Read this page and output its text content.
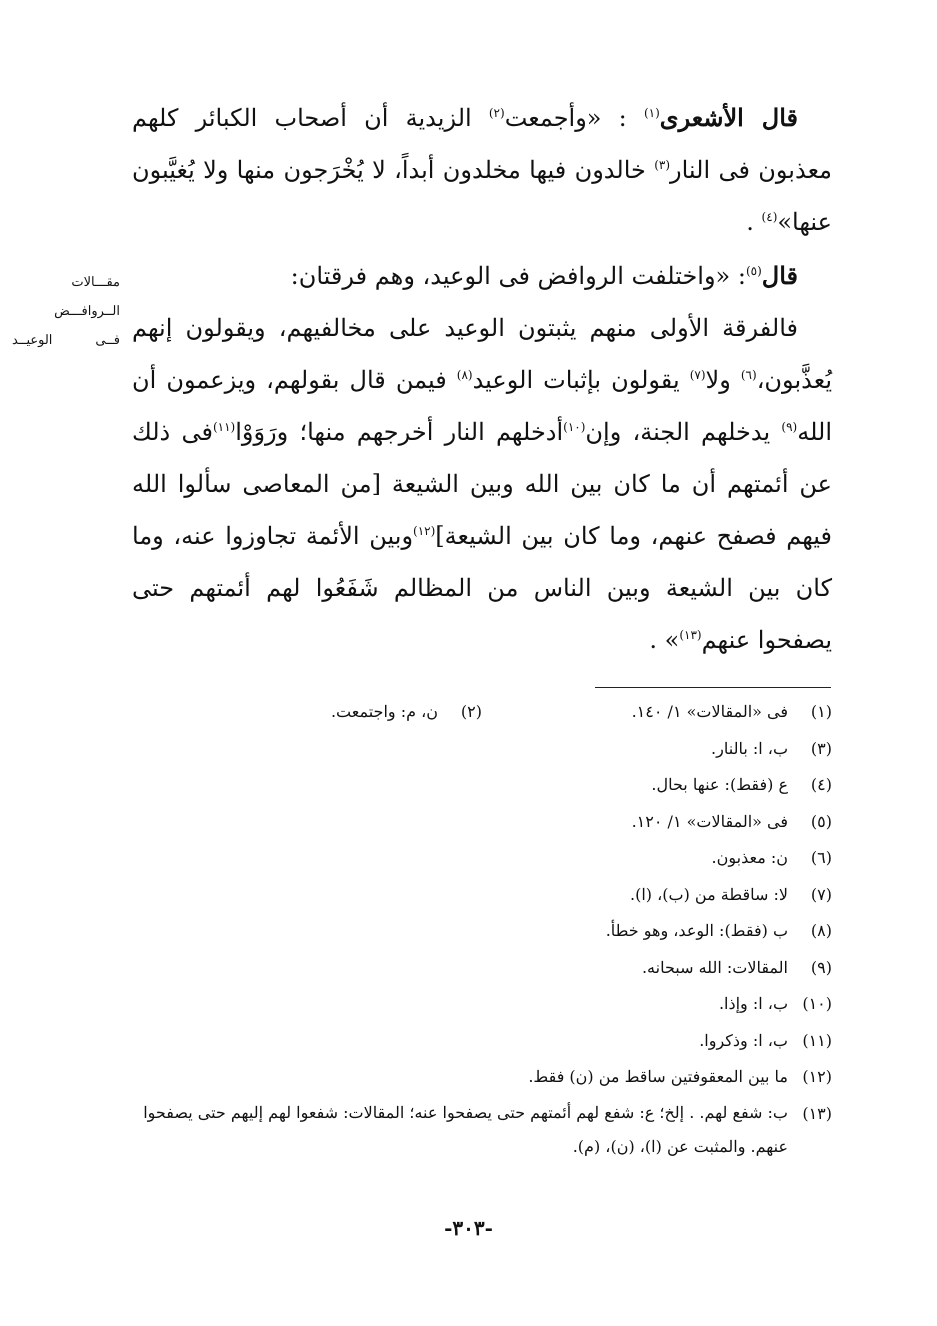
قال الأشعرى$^{(١)}$ : «وأجمعت$^{(٢)}$ الزيدية أن أصحاب الكبائر كلهم معذبون فى النار$^{(٣)}$ خالدون فيها مخلدون أبداً، لا يُخْرَجون منها ولا يُغيَّبون عنها»$^{(٤)}$ .

قال$^{(٥)}$: «واختلفت الروافض فى الوعيد، وهم فرقتان:

فالفرقة الأولى منهم يثبتون الوعيد على مخالفيهم، ويقولون إنهم يُعذَّبون،$^{(٦)}$ ولا$^{(٧)}$ يقولون بإثبات الوعيد$^{(٨)}$ فيمن قال بقولهم، ويزعمون أن الله$^{(٩)}$ يدخلهم الجنة، وإن$^{(١٠)}$أدخلهم النار أخرجهم منها؛ ورَوَوْا$^{(١١)}$فى ذلك عن أئمتهم أن ما كان بين الله وبين الشيعة [من المعاصى سألوا الله فيهم فصفح عنهم، وما كان بين الشيعة]$^{(١٢)}$وبين الأئمة تجاوزوا عنه، وما كان بين الشيعة وبين الناس من المظالم شَفَعُوا لهم أئمتهم حتى يصفحوا عنهم$^{(١٣)}$» .

مقـــالات
الــروافـــض
فــى الوعيــد
(٢)
ن، م: واجتمعت.	(١)
فى «المقالات» ١/ ١٤٠.
(٣)
ب، ا: بالنار.
(٤)
ع (فقط): عنها بحال.
(٥)
فى «المقالات» ١/ ١٢٠.
(٦)
ن: معذبون.
(٧)
لا: ساقطة من (ب)، (ا).
(٨)
ب (فقط): الوعد، وهو خطأ.
(٩)
المقالات: الله سبحانه.
(١٠)
ب، ا: وإذا.
(١١)
ب، ا: وذكروا.
(١٢)
ما بين المعقوفتين ساقط من (ن) فقط.
(١٣)
ب: شفع لهم. . إلخ؛ ع: شفع لهم أئمتهم حتى يصفحوا عنه؛ المقالات: شفعوا لهم إليهم حتى يصفحوا عنهم. والمثبت عن (ا)، (ن)، (م).
-٣٠٣-
